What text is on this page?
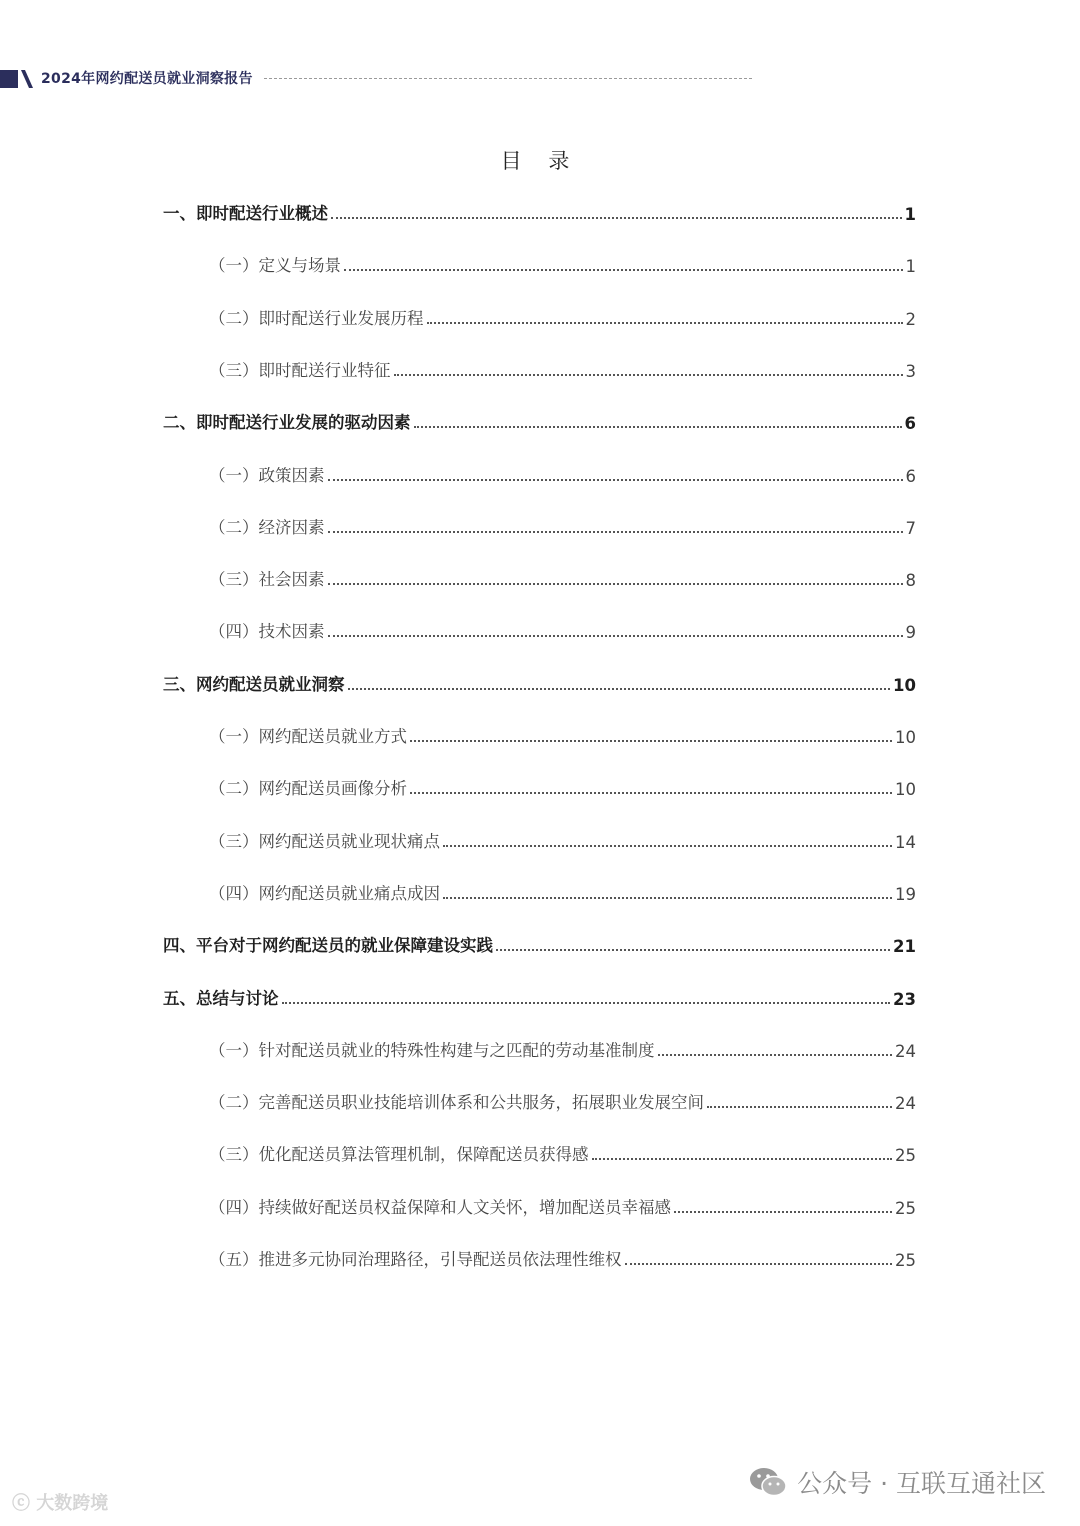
2024年网约配送员就业洞察报告
目 录
一、即时配送行业概述	1
（一）定义与场景	1
（二）即时配送行业发展历程	2
（三）即时配送行业特征	3
二、即时配送行业发展的驱动因素	6
（一）政策因素	6
（二）经济因素	7
（三）社会因素	8
（四）技术因素	9
三、网约配送员就业洞察	10
（一）网约配送员就业方式	10
（二）网约配送员画像分析	10
（三）网约配送员就业现状痛点	14
（四）网约配送员就业痛点成因	19
四、平台对于网约配送员的就业保障建设实践	21
五、总结与讨论	23
（一）针对配送员就业的特殊性构建与之匹配的劳动基准制度	24
（二）完善配送员职业技能培训体系和公共服务，拓展职业发展空间	24
（三）优化配送员算法管理机制，保障配送员获得感	25
（四）持续做好配送员权益保障和人文关怀，增加配送员幸福感	25
（五）推进多元协同治理路径，引导配送员依法理性维权	25
ⓒ 大数跨境
公众号 · 互联互通社区
